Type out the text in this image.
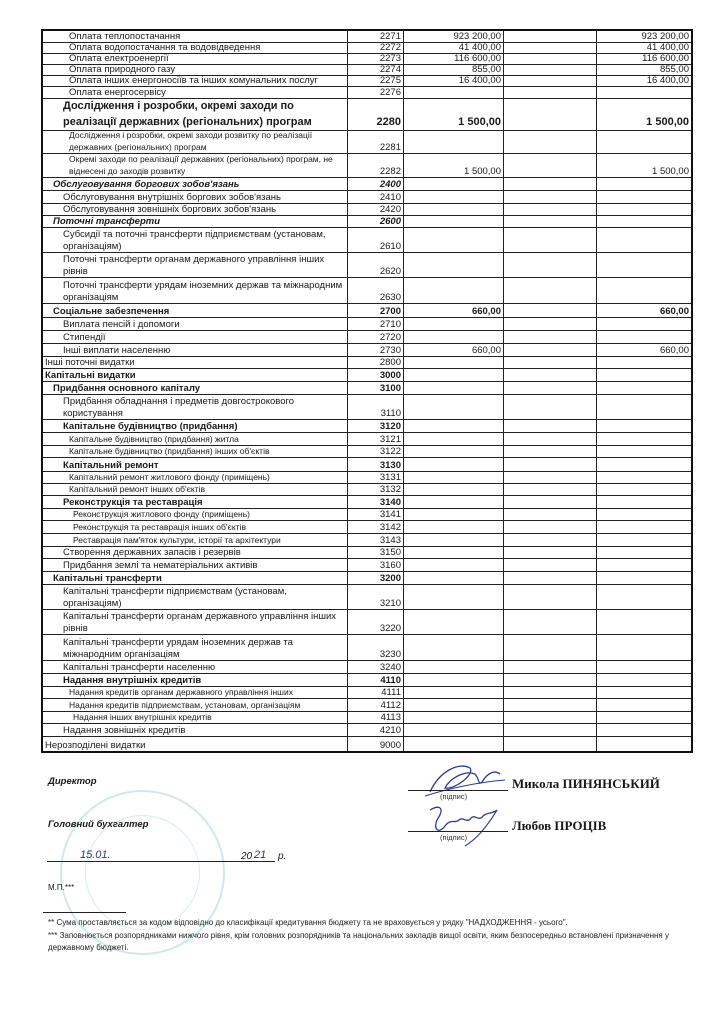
Оплата теплопостачання	2271	923 200,00	923 200,00
Оплата водопостачання та водовідведення	2272	41 400,00	41 400,00
Оплата електроенергії	2273	116 600,00	116 600,00
Оплата природного газу	2274	855,00	855,00
Оплата інших енергоносіїв та інших комунальних послуг	2275	16 400,00	16 400,00
Оплата енергосервісу	2276
Дослідження і розробки, окремі заходи по реалізації державних (регіональних) програм	2280	1 500,00	1 500,00
Дослідження і розробки, окремі заходи розвитку по реалізації державних (регіональних) програм	2281
Окремі заходи по реалізації державних (регіональних) програм, не віднесені до заходів розвитку	2282	1 500,00	1 500,00
Обслуговування боргових зобов'язань	2400
Обслуговування внутрішніх боргових зобов'язань	2410
Обслуговування зовнішніх боргових зобов'язань	2420
Поточні трансферти	2600
Субсидії та поточні трансферти підприємствам (установам, організаціям)	2610
Поточні трансферти органам державного управління інших рівнів	2620
Поточні трансферти урядам іноземних держав та міжнародним організаціям	2630
Соціальне забезпечення	2700	660,00	660,00
Виплата пенсій і допомоги	2710
Стипендії	2720
Інші виплати населенню	2730	660,00	660,00
Інші поточні видатки	2800
Капітальні видатки	3000
Придбання основного капіталу	3100
Придбання обладнання і предметів довгострокового користування	3110
Капітальне будівництво (придбання)	3120
Капітальне будівництво (придбання) житла	3121
Капітальне будівництво (придбання) інших об'єктів	3122
Капітальний ремонт	3130
Капітальний ремонт житлового фонду (приміщень)	3131
Капітальний ремонт інших об'єктів	3132
Реконструкція та реставрація	3140
Реконструкція житлового фонду (приміщень)	3141
Реконструкція та реставрація інших об'єктів	3142
Реставрація пам'яток культури, історії та архітектури	3143
Створення державних запасів і резервів	3150
Придбання землі та нематеріальних активів	3160
Капітальні трансферти	3200
Капітальні трансферти підприємствам (установам, організаціям)	3210
Капітальні трансферти органам державного управління інших рівнів	3220
Капітальні трансферти урядам іноземних держав та міжнародним організаціям	3230
Капітальні трансферти населенню	3240
Надання внутрішніх кредитів	4110
Надання кредитів органам державного управління інших	4111
Надання кредитів підприємствам, установам, організаціям	4112
Надання інших внутрішніх кредитів	4113
Надання зовнішніх кредитів	4210
Нерозподілені видатки	9000
Директор
(підпис)
Микола ПИНЯНСЬКИЙ
Головний бухгалтер
(підпис)
Любов ПРОЦІВ
15.01.	20 21 р.
М.П.***
** Сума проставляється за кодом відповідно до класифікації кредитування бюджету та не враховується у рядку "НАДХОДЖЕННЯ - усього".
*** Заповнюється розпорядниками нижчого рівня, крім головних розпорядників та національних закладів вищої освіти, яким безпосередньо встановлені призначення у державному бюджеті.
